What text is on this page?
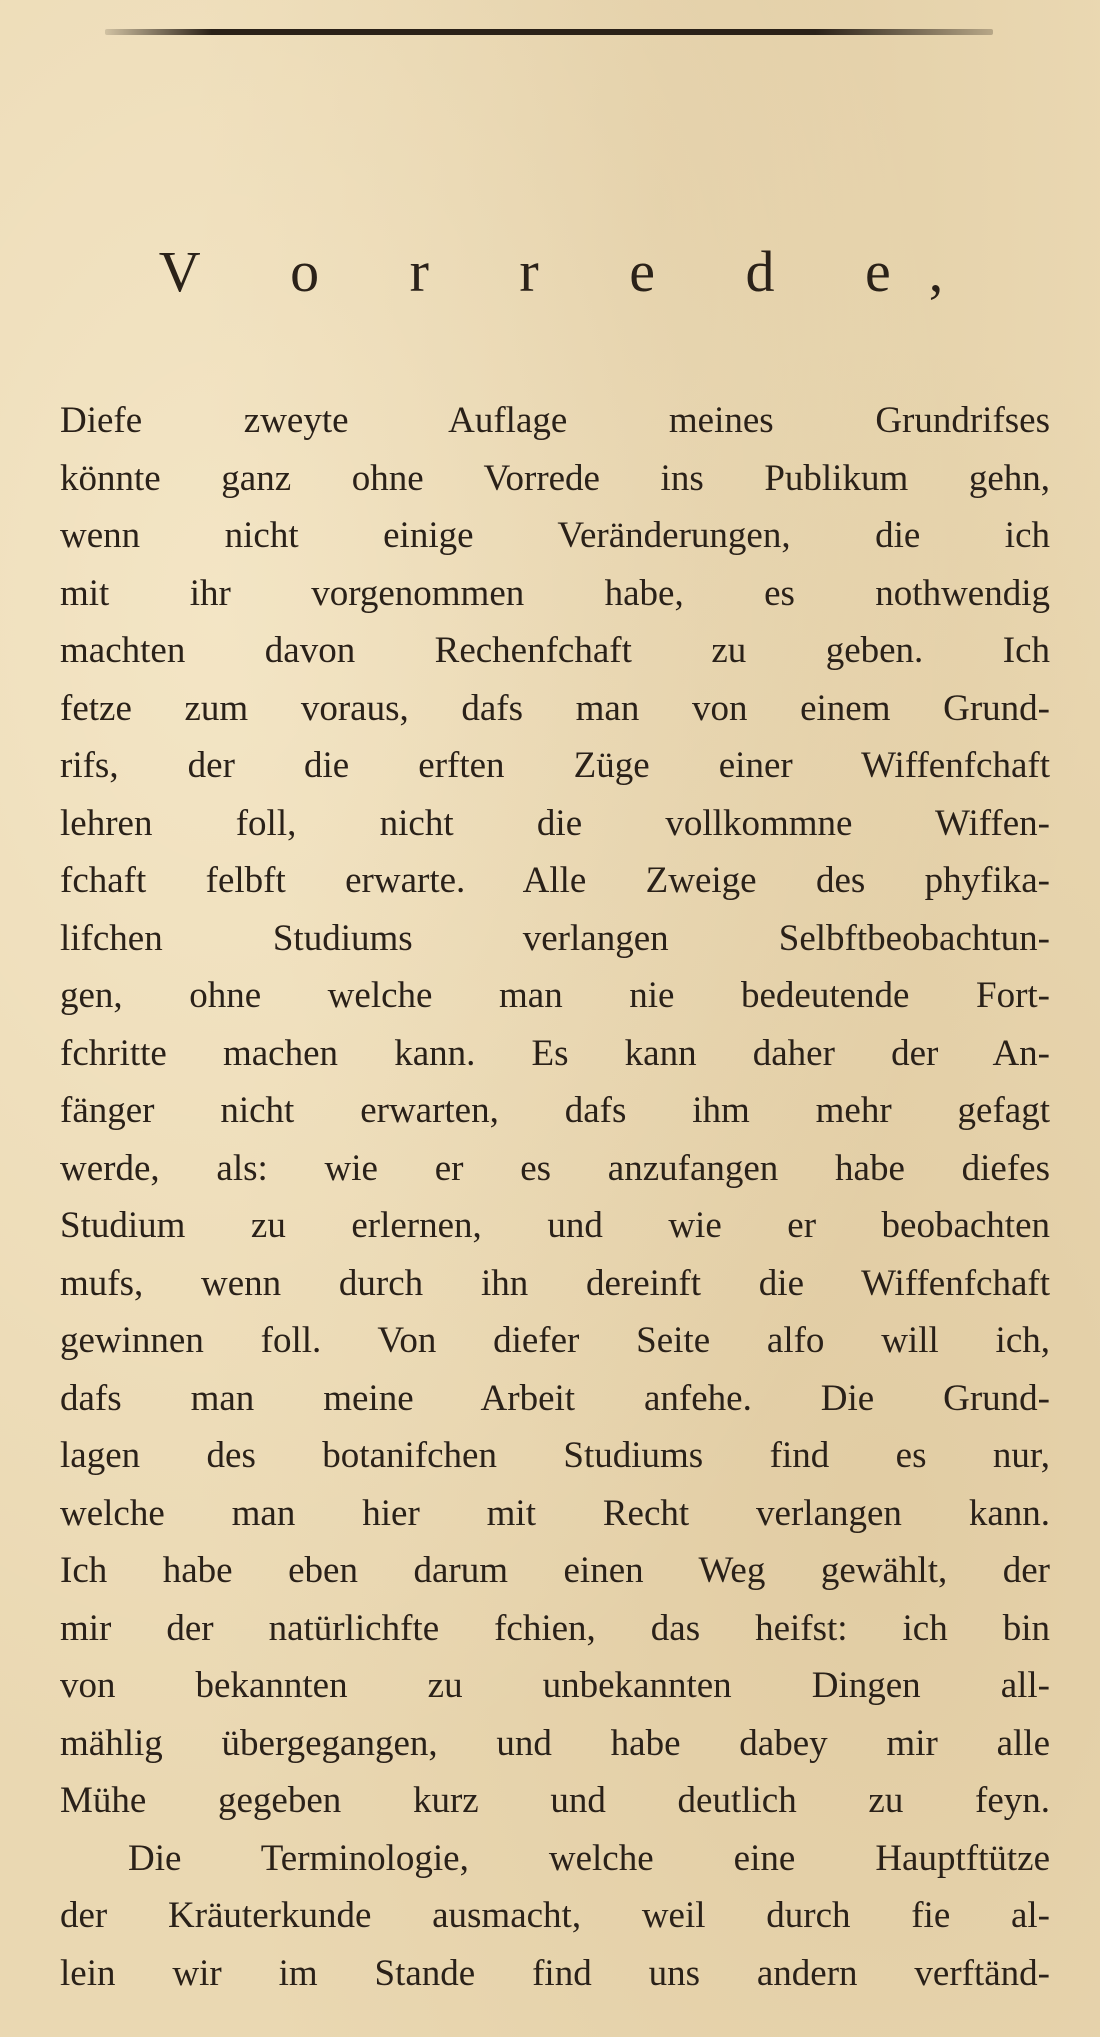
V o r r e d e,
Diefe zweyte Auflage meines Grundrifses
könnte ganz ohne Vorrede ins Publikum gehn,
wenn nicht einige Veränderungen, die ich
mit ihr vorgenommen habe, es nothwendig
machten davon Rechenfchaft zu geben. Ich
fetze zum voraus, dafs man von einem Grund-
rifs, der die erften Züge einer Wiffenfchaft
lehren foll, nicht die vollkommne Wiffen-
fchaft felbft erwarte. Alle Zweige des phyfika-
lifchen Studiums verlangen Selbftbeobachtun-
gen, ohne welche man nie bedeutende Fort-
fchritte machen kann. Es kann daher der An-
fänger nicht erwarten, dafs ihm mehr gefagt
werde, als: wie er es anzufangen habe diefes
Studium zu erlernen, und wie er beobachten
mufs, wenn durch ihn dereinft die Wiffenfchaft
gewinnen foll. Von diefer Seite alfo will ich,
dafs man meine Arbeit anfehe. Die Grund-
lagen des botanifchen Studiums find es nur,
welche man hier mit Recht verlangen kann.
Ich habe eben darum einen Weg gewählt, der
mir der natürlichfte fchien, das heifst: ich bin
von bekannten zu unbekannten Dingen all-
mählig übergegangen, und habe dabey mir alle
Mühe gegeben kurz und deutlich zu feyn.
Die Terminologie, welche eine Hauptftütze
der Kräuterkunde ausmacht, weil durch fie al-
lein wir im Stande find uns andern verftänd-
